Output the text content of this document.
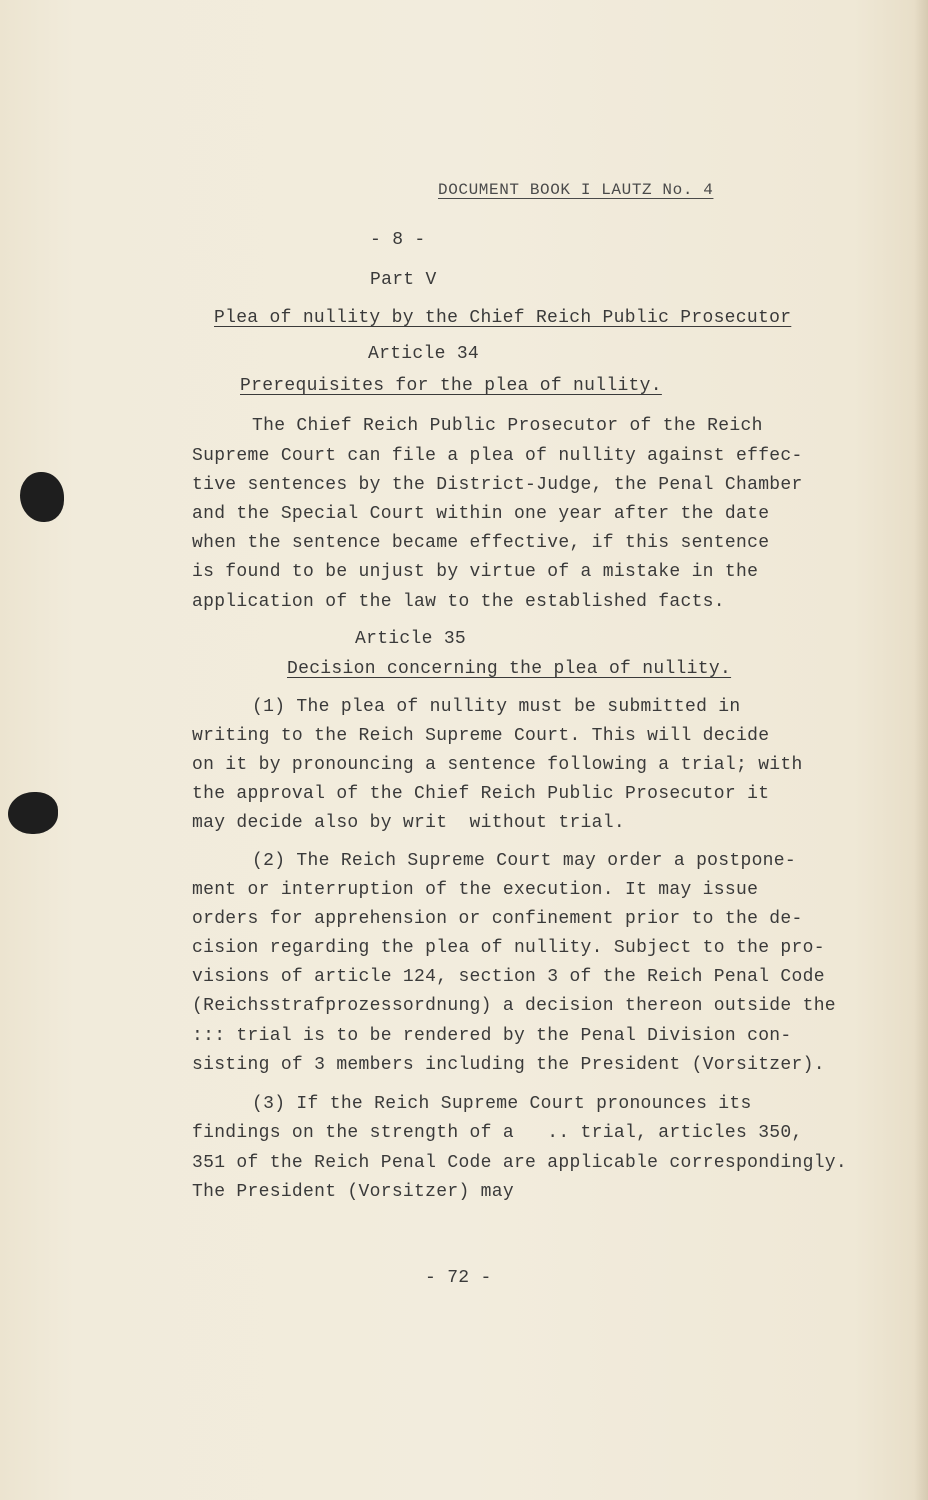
DOCUMENT BOOK I LAUTZ No. 4
- 8 -
Part V
Plea of nullity by the Chief Reich Public Prosecutor
Article 34
Prerequisites for the plea of nullity.
The Chief Reich Public Prosecutor of the Reich
Supreme Court can file a plea of nullity against effec-
tive sentences by the District-Judge, the Penal Chamber
and the Special Court within one year after the date
when the sentence became effective, if this sentence
is found to be unjust by virtue of a mistake in the
application of the law to the established facts.
Article 35
Decision concerning the plea of nullity.
(1) The plea of nullity must be submitted in
writing to the Reich Supreme Court. This will decide
on it by pronouncing a sentence following a trial; with
the approval of the Chief Reich Public Prosecutor it
may decide also by writ  without trial.
(2) The Reich Supreme Court may order a postpone-
ment or interruption of the execution. It may issue
orders for apprehension or confinement prior to the de-
cision regarding the plea of nullity. Subject to the pro-
visions of article 124, section 3 of the Reich Penal Code
(Reichsstrafprozessordnung) a decision thereon outside the
::: trial is to be rendered by the Penal Division con-
sisting of 3 members including the President (Vorsitzer).
(3) If the Reich Supreme Court pronounces its
findings on the strength of a   .. trial, articles 350,
351 of the Reich Penal Code are applicable correspondingly.
The President (Vorsitzer) may
- 72 -
